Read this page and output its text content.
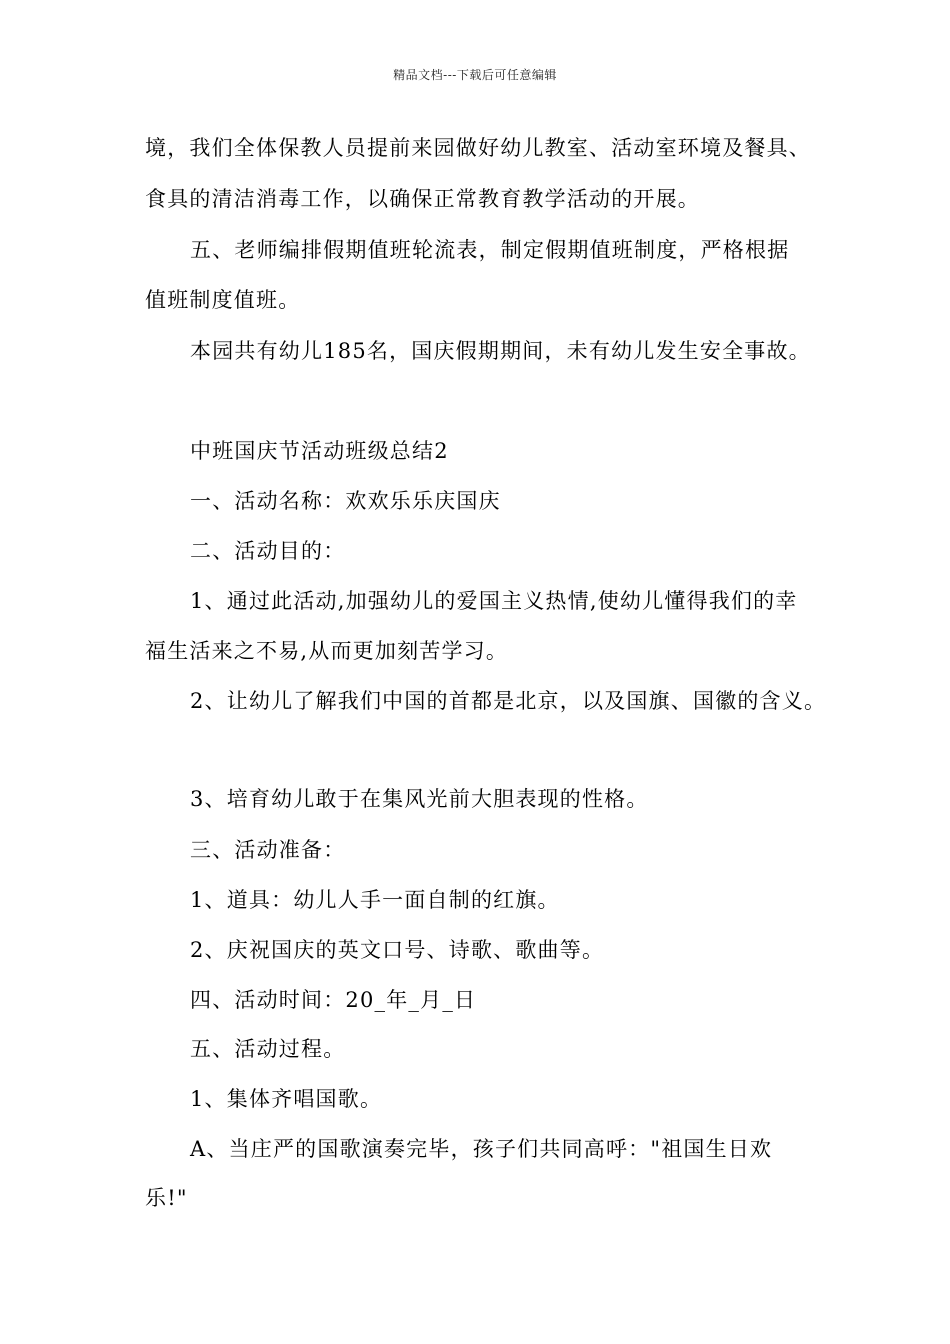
精品文档---下载后可任意编辑
境，我们全体保教人员提前来园做好幼儿教室、活动室环境及餐具、
食具的清洁消毒工作，以确保正常教育教学活动的开展。
五、老师编排假期值班轮流表，制定假期值班制度，严格根据
值班制度值班。
本园共有幼儿185名，国庆假期期间，未有幼儿发生安全事故。
中班国庆节活动班级总结2
一、活动名称：欢欢乐乐庆国庆
二、活动目的：
1、通过此活动,加强幼儿的爱国主义热情,使幼儿懂得我们的幸
福生活来之不易,从而更加刻苦学习。
2、让幼儿了解我们中国的首都是北京，以及国旗、国徽的含义。
3、培育幼儿敢于在集风光前大胆表现的性格。
三、活动准备：
1、道具：幼儿人手一面自制的红旗。
2、庆祝国庆的英文口号、诗歌、歌曲等。
四、活动时间：20_年_月_日
五、活动过程。
1、集体齐唱国歌。
A、当庄严的国歌演奏完毕，孩子们共同高呼："祖国生日欢
乐!"
